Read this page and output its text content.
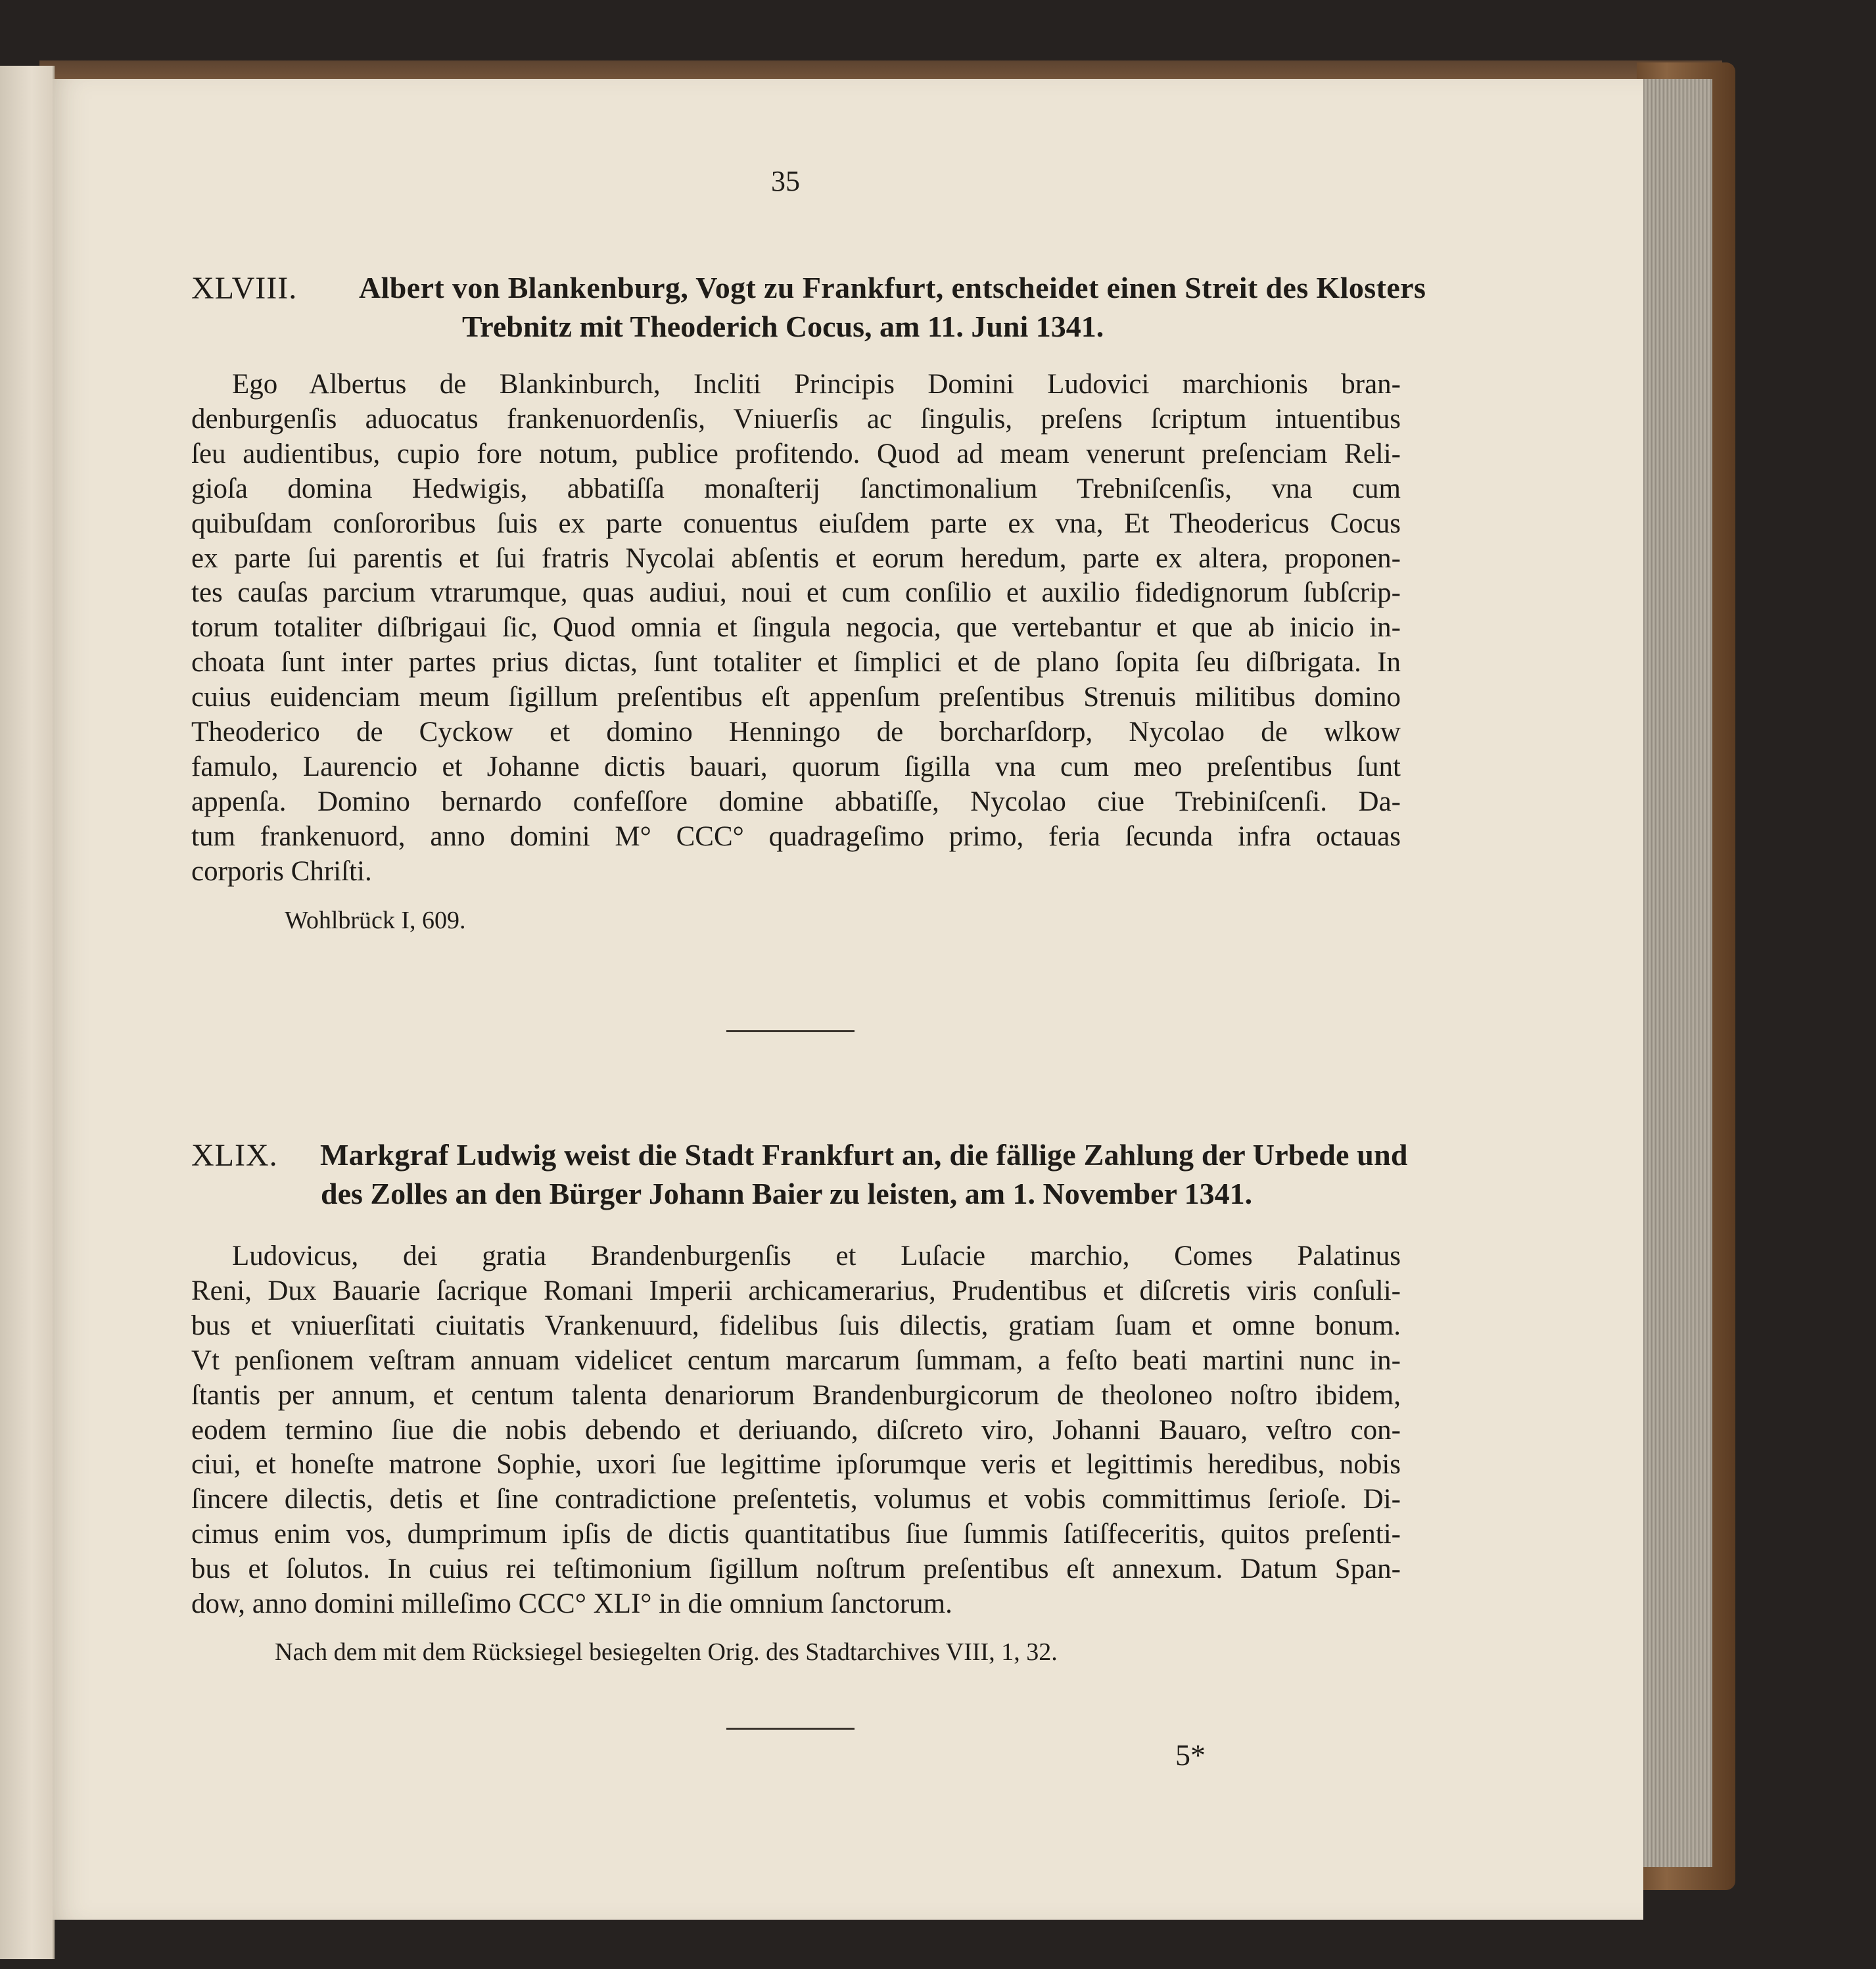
35
XLVIII. Albert von Blankenburg, Vogt zu Frankfurt, entscheidet einen Streit des Klosters
Trebnitz mit Theoderich Cocus, am 11. Juni 1341.
Ego Albertus de Blankinburch, Incliti Principis Domini Ludovici marchionis bran-
denburgenſis aduocatus frankenuordenſis, Vniuerſis ac ſingulis, preſens ſcriptum intuentibus
ſeu audientibus, cupio fore notum, publice profitendo. Quod ad meam venerunt preſenciam Reli-
gioſa domina Hedwigis, abbatiſſa monaſterij ſanctimonalium Trebniſcenſis, vna cum
quibuſdam conſororibus ſuis ex parte conuentus eiuſdem parte ex vna, Et Theodericus Cocus
ex parte ſui parentis et ſui fratris Nycolai abſentis et eorum heredum, parte ex altera, proponen-
tes cauſas parcium vtrarumque, quas audiui, noui et cum conſilio et auxilio fidedignorum ſubſcrip-
torum totaliter diſbrigaui ſic, Quod omnia et ſingula negocia, que vertebantur et que ab inicio in-
choata ſunt inter partes prius dictas, ſunt totaliter et ſimplici et de plano ſopita ſeu diſbrigata. In
cuius euidenciam meum ſigillum preſentibus eſt appenſum preſentibus Strenuis militibus domino
Theoderico de Cyckow et domino Henningo de borcharſdorp, Nycolao de wlkow
famulo, Laurencio et Johanne dictis bauari, quorum ſigilla vna cum meo preſentibus ſunt
appenſa. Domino bernardo confeſſore domine abbatiſſe, Nycolao ciue Trebiniſcenſi. Da-
tum frankenuord, anno domini M° CCC° quadrageſimo primo, feria ſecunda infra octauas
corporis Chriſti.
Wohlbrück I, 609.
XLIX. Markgraf Ludwig weist die Stadt Frankfurt an, die fällige Zahlung der Urbede und
des Zolles an den Bürger Johann Baier zu leisten, am 1. November 1341.
Ludovicus, dei gratia Brandenburgenſis et Luſacie marchio, Comes Palatinus
Reni, Dux Bauarie ſacrique Romani Imperii archicamerarius, Prudentibus et diſcretis viris conſuli-
bus et vniuerſitati ciuitatis Vrankenuurd, fidelibus ſuis dilectis, gratiam ſuam et omne bonum.
Vt penſionem veſtram annuam videlicet centum marcarum ſummam, a feſto beati martini nunc in-
ſtantis per annum, et centum talenta denariorum Brandenburgicorum de theoloneo noſtro ibidem,
eodem termino ſiue die nobis debendo et deriuando, diſcreto viro, Johanni Bauaro, veſtro con-
ciui, et honeſte matrone Sophie, uxori ſue legittime ipſorumque veris et legittimis heredibus, nobis
ſincere dilectis, detis et ſine contradictione preſentetis, volumus et vobis committimus ſerioſe. Di-
cimus enim vos, dumprimum ipſis de dictis quantitatibus ſiue ſummis ſatiſfeceritis, quitos preſenti-
bus et ſolutos. In cuius rei teſtimonium ſigillum noſtrum preſentibus eſt annexum. Datum Span-
dow, anno domini milleſimo CCC° XLI° in die omnium ſanctorum.
Nach dem mit dem Rücksiegel besiegelten Orig. des Stadtarchives VIII, 1, 32.
5*
